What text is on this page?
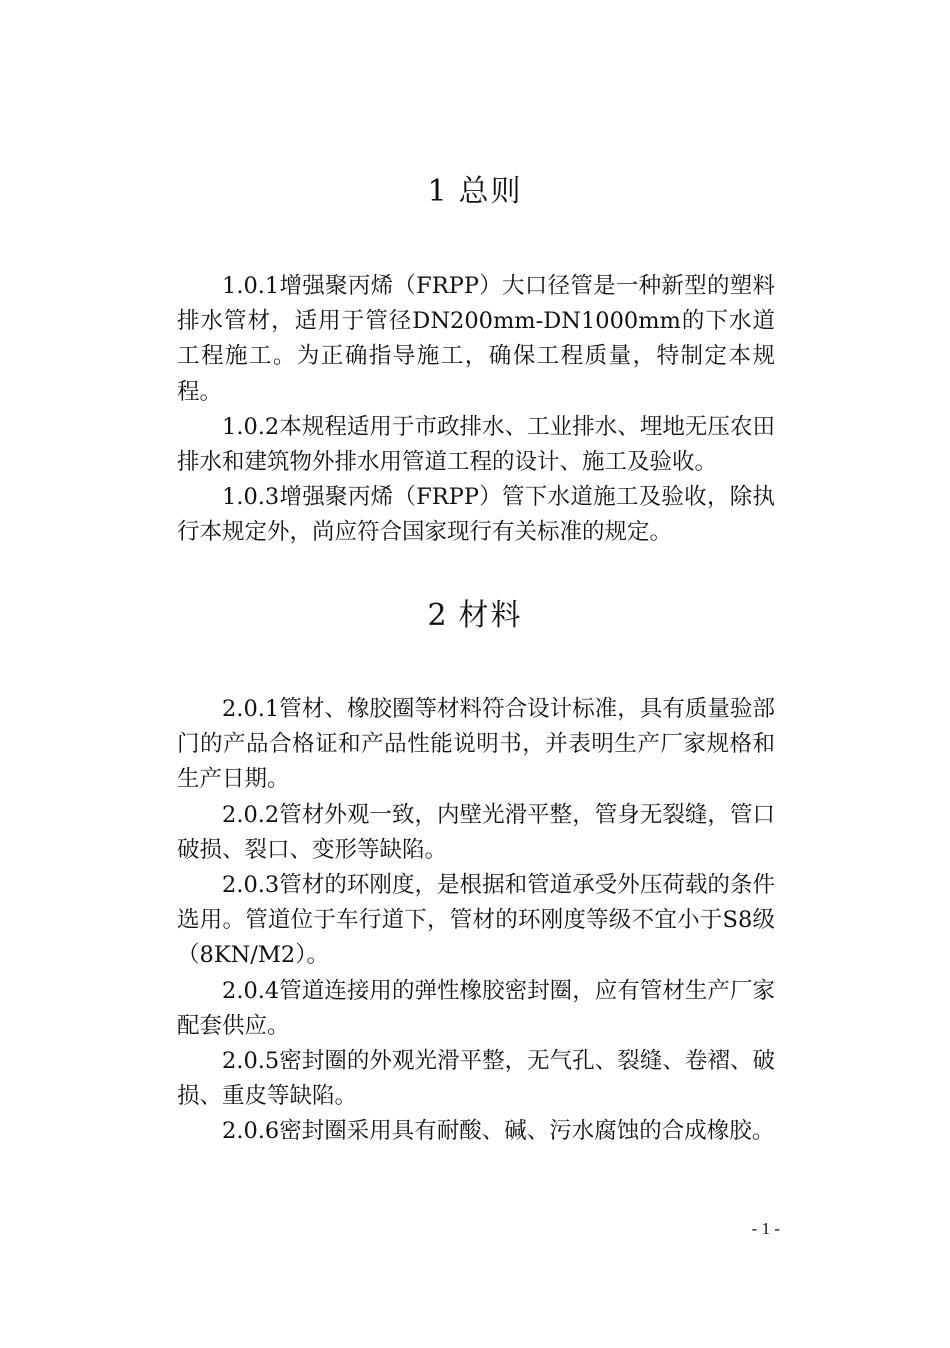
1 总则

1.0.1增强聚丙烯（FRPP）大口径管是一种新型的塑料排水管材，适用于管径DN200mm-DN1000mm的下水道工程施工。为正确指导施工，确保工程质量，特制定本规程。

1.0.2本规程适用于市政排水、工业排水、埋地无压农田排水和建筑物外排水用管道工程的设计、施工及验收。

1.0.3增强聚丙烯（FRPP）管下水道施工及验收，除执行本规定外，尚应符合国家现行有关标准的规定。

2 材料

2.0.1管材、橡胶圈等材料符合设计标准，具有质量验部门的产品合格证和产品性能说明书，并表明生产厂家规格和生产日期。

2.0.2管材外观一致，内壁光滑平整，管身无裂缝，管口破损、裂口、变形等缺陷。

2.0.3管材的环刚度，是根据和管道承受外压荷载的条件选用。管道位于车行道下，管材的环刚度等级不宜小于S8级（8KN/M2）。

2.0.4管道连接用的弹性橡胶密封圈，应有管材生产厂家配套供应。

2.0.5密封圈的外观光滑平整，无气孔、裂缝、卷褶、破损、重皮等缺陷。

2.0.6密封圈采用具有耐酸、碱、污水腐蚀的合成橡胶。

- 1 -
